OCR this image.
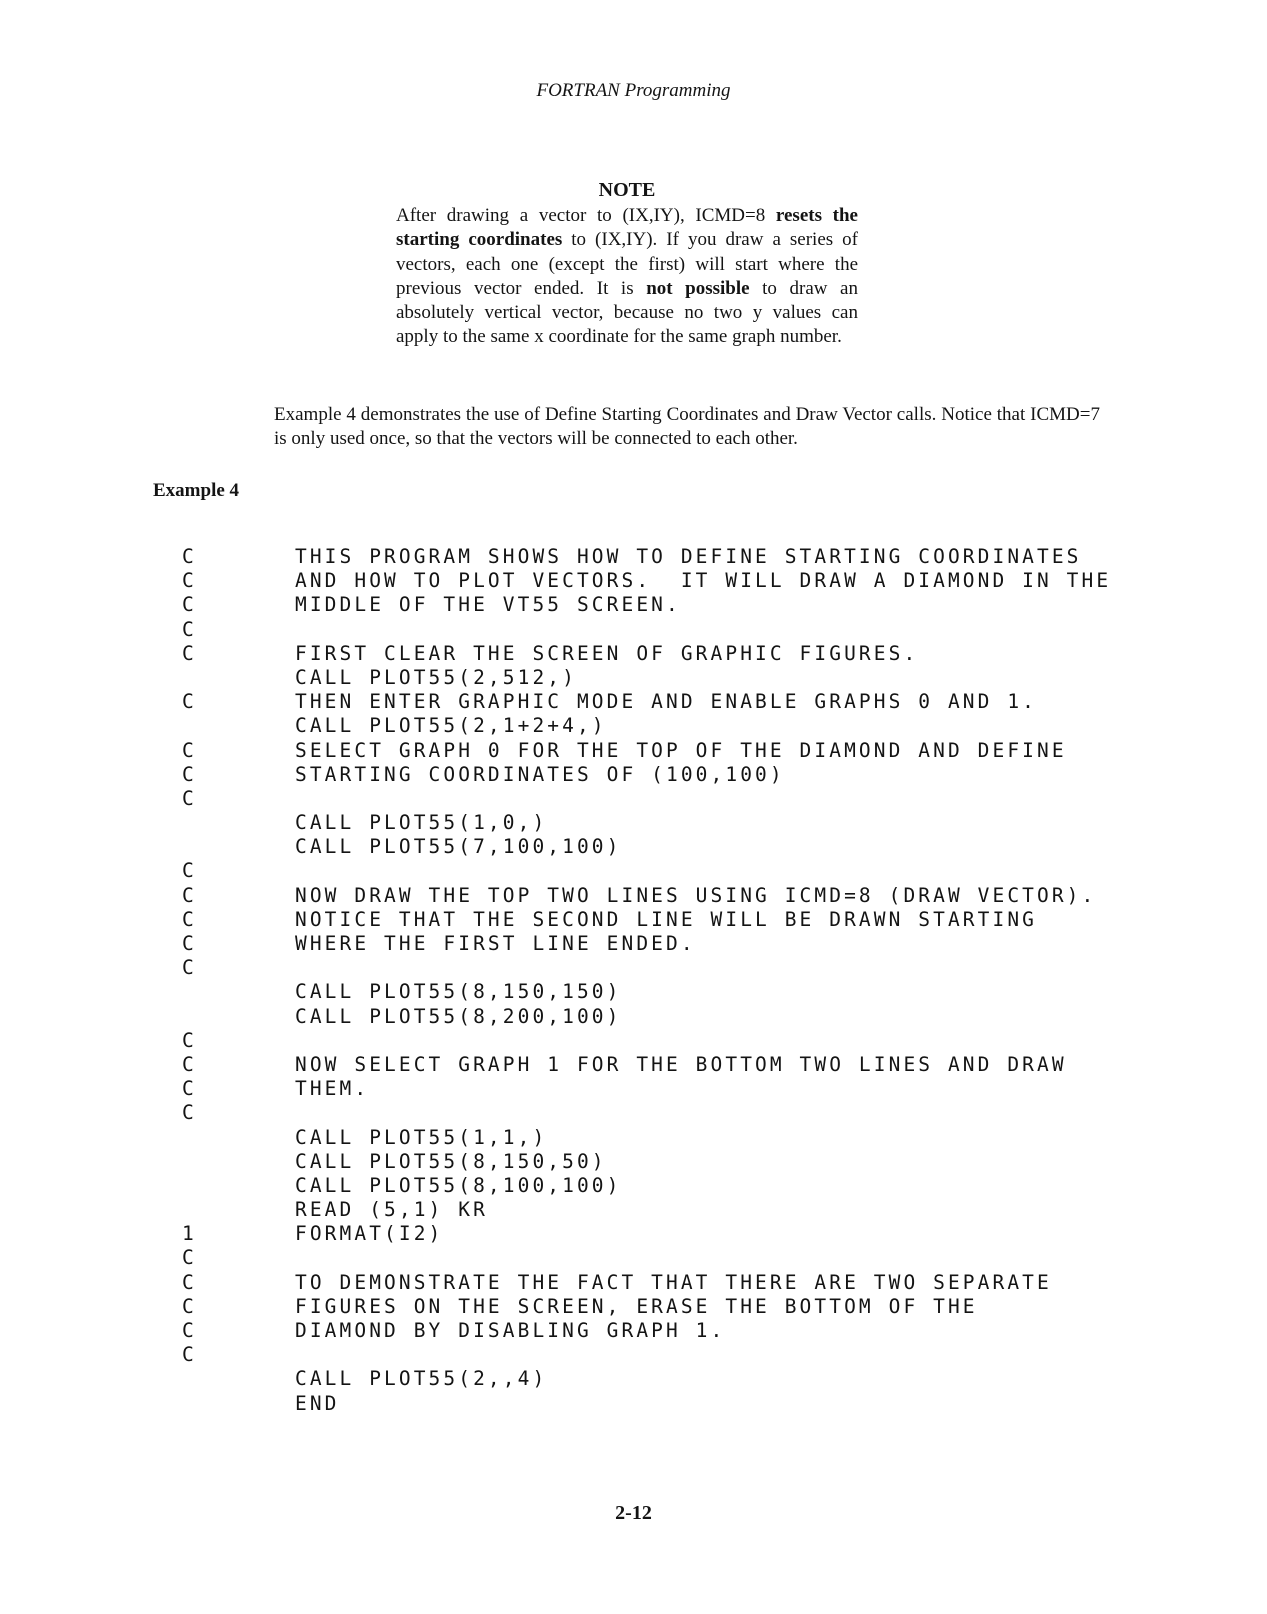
FORTRAN Programming
NOTE
After drawing a vector to (IX,IY), ICMD=8 resets the starting coordinates to (IX,IY). If you draw a series of vectors, each one (except the first) will start where the previous vector ended. It is not possible to draw an absolutely vertical vector, because no two y values can apply to the same x coordinate for the same graph number.
Example 4 demonstrates the use of Define Starting Coordinates and Draw Vector calls. Notice that ICMD=7 is only used once, so that the vectors will be connected to each other.
Example 4
C	THIS PROGRAM SHOWS HOW TO DEFINE STARTING COORDINATES
C	AND HOW TO PLOT VECTORS.  IT WILL DRAW A DIAMOND IN THE
C	MIDDLE OF THE VT55 SCREEN.
C
C	FIRST CLEAR THE SCREEN OF GRAPHIC FIGURES.
CALL PLOT55(2,512,)
C	THEN ENTER GRAPHIC MODE AND ENABLE GRAPHS 0 AND 1.
CALL PLOT55(2,1+2+4,)
C	SELECT GRAPH 0 FOR THE TOP OF THE DIAMOND AND DEFINE
C	STARTING COORDINATES OF (100,100)
C
CALL PLOT55(1,0,)
CALL PLOT55(7,100,100)
C
C	NOW DRAW THE TOP TWO LINES USING ICMD=8 (DRAW VECTOR).
C	NOTICE THAT THE SECOND LINE WILL BE DRAWN STARTING
C	WHERE THE FIRST LINE ENDED.
C
CALL PLOT55(8,150,150)
CALL PLOT55(8,200,100)
C
C	NOW SELECT GRAPH 1 FOR THE BOTTOM TWO LINES AND DRAW
C	THEM.
C
CALL PLOT55(1,1,)
CALL PLOT55(8,150,50)
CALL PLOT55(8,100,100)
READ (5,1) KR
1	FORMAT(I2)
C
C	TO DEMONSTRATE THE FACT THAT THERE ARE TWO SEPARATE
C	FIGURES ON THE SCREEN, ERASE THE BOTTOM OF THE
C	DIAMOND BY DISABLING GRAPH 1.
C
CALL PLOT55(2,,4)
END
2-12
